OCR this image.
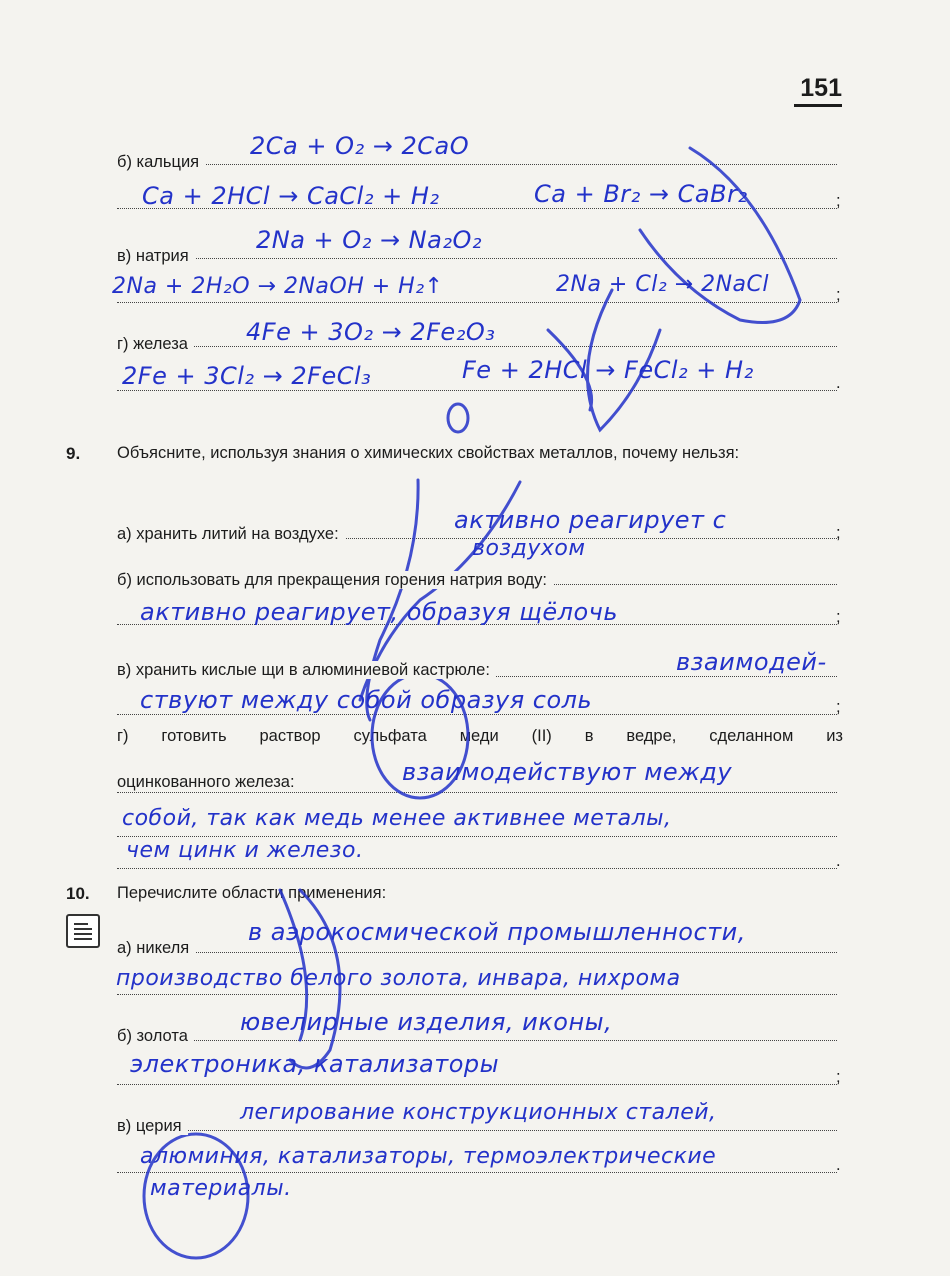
151
б) кальция
2Ca + O₂ → 2CaO
;
Ca + 2HCl → CaCl₂ + H₂	Ca + Br₂ → CaBr₂
в) натрия
2Na + O₂ → Na₂O₂
;
2Na + 2H₂O → 2NaOH + H₂↑	2Na + Cl₂ → 2NaCl
г) железа	4Fe + 3O₂ → 2Fe₂O₃
.
2Fe + 3Cl₂ → 2FeCl₃	Fe + 2HCl → FeCl₂ + H₂
9. Объясните, используя знания о химических свойствах металлов, почему нельзя:
а) хранить литий на воздухе:	;
активно реагирует с
воздухом
б) использовать для прекращения горения натрия воду:
;
активно реагирует, образуя щёлочь
в) хранить кислые щи в алюминиевой кастрюле:	взаимодей-
;
ствуют между собой образуя соль
г) готовить раствор сульфата меди (II) в ведре, сделанном из
оцинкованного железа:	взаимодействуют между
собой, так как медь менее активнее металы,
.
чем цинк и железо.
10. Перечислите области применения:
а) никеля
в аэрокосмической промышленности,
производство белого золота, инвара, нихрома
б) золота	ювелирные изделия, иконы,
;
электроника, катализаторы
в) церия
легирование конструкционных сталей,
.
алюминия, катализаторы, термоэлектрические
материалы.
